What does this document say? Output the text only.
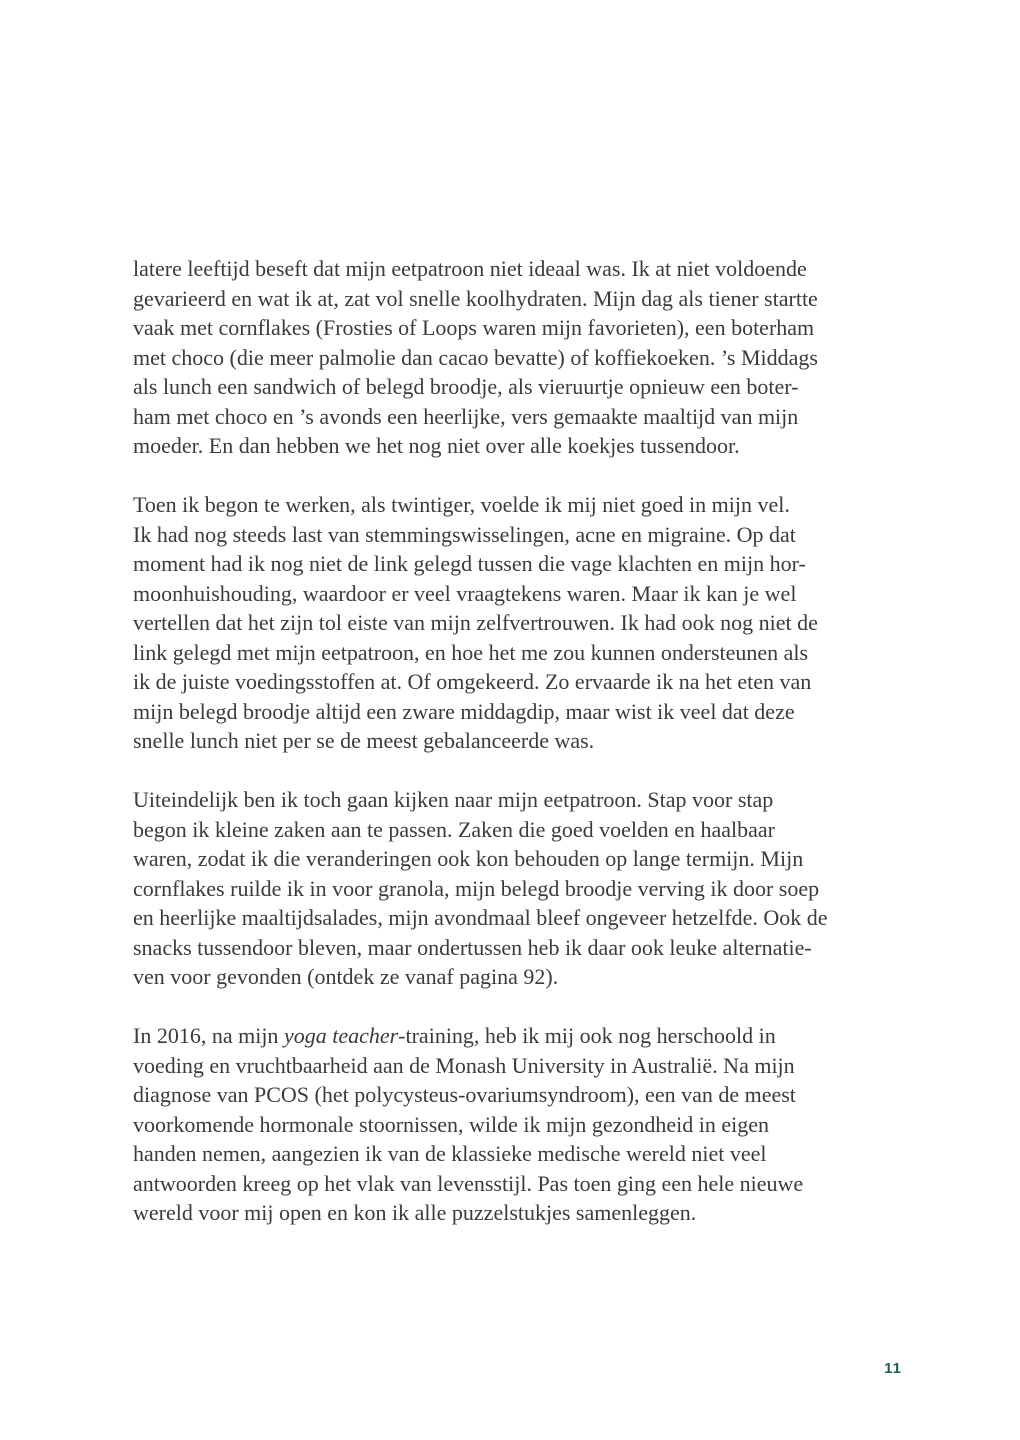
latere leeftijd beseft dat mijn eetpatroon niet ideaal was. Ik at niet voldoende
gevarieerd en wat ik at, zat vol snelle koolhydraten. Mijn dag als tiener startte
vaak met cornflakes (Frosties of Loops waren mijn favorieten), een boterham
met choco (die meer palmolie dan cacao bevatte) of koffiekoeken. ’s Middags
als lunch een sandwich of belegd broodje, als vieruurtje opnieuw een boter-
ham met choco en ’s avonds een heerlijke, vers gemaakte maaltijd van mijn
moeder. En dan hebben we het nog niet over alle koekjes tussendoor.
Toen ik begon te werken, als twintiger, voelde ik mij niet goed in mijn vel.
Ik had nog steeds last van stemmingswisselingen, acne en migraine. Op dat
moment had ik nog niet de link gelegd tussen die vage klachten en mijn hor-
moonhuishouding, waardoor er veel vraagtekens waren. Maar ik kan je wel
vertellen dat het zijn tol eiste van mijn zelfvertrouwen. Ik had ook nog niet de
link gelegd met mijn eetpatroon, en hoe het me zou kunnen ondersteunen als
ik de juiste voedingsstoffen at. Of omgekeerd. Zo ervaarde ik na het eten van
mijn belegd broodje altijd een zware middagdip, maar wist ik veel dat deze
snelle lunch niet per se de meest gebalanceerde was.
Uiteindelijk ben ik toch gaan kijken naar mijn eetpatroon. Stap voor stap
begon ik kleine zaken aan te passen. Zaken die goed voelden en haalbaar
waren, zodat ik die veranderingen ook kon behouden op lange termijn. Mijn
cornflakes ruilde ik in voor granola, mijn belegd broodje verving ik door soep
en heerlijke maaltijdsalades, mijn avondmaal bleef ongeveer hetzelfde. Ook de
snacks tussendoor bleven, maar ondertussen heb ik daar ook leuke alternatie-
ven voor gevonden (ontdek ze vanaf pagina 92).
In 2016, na mijn yoga teacher-training, heb ik mij ook nog herschoold in
voeding en vruchtbaarheid aan de Monash University in Australië. Na mijn
diagnose van PCOS (het polycysteus-ovariumsyndroom), een van de meest
voorkomende hormonale stoornissen, wilde ik mijn gezondheid in eigen
handen nemen, aangezien ik van de klassieke medische wereld niet veel
antwoorden kreeg op het vlak van levensstijl. Pas toen ging een hele nieuwe
wereld voor mij open en kon ik alle puzzelstukjes samenleggen.
11
